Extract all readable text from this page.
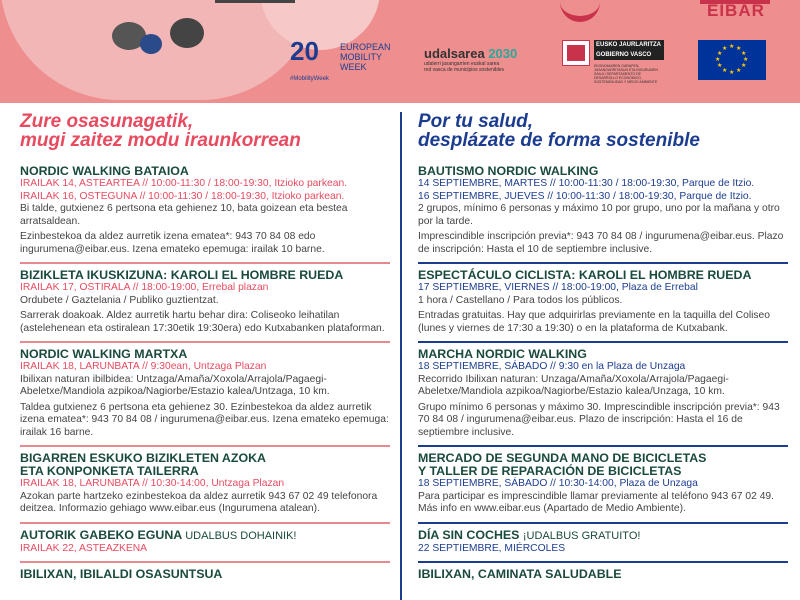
EIBAR
20 EUROPEAN
MOBILITY
WEEK
#MobilityWeek
udalsarea 2030
udalerri jasangarrien euskal sarea
red vasca de municipios sostenibles
EUSKO JAURLARITZA
GOBIERNO VASCO
EKONOMIAREN GARAPEN, JASANGARRITASUN ETA INGURUMEN SAILA / DEPARTAMENTO DE DESARROLLO ECONÓMICO, SOSTENIBILIDAD Y MEDIO AMBIENTE
★ ★
★
★
★
★
★
★
★
★
★
★
Zure osasunagatik,
mugi zaitez modu iraunkorrean
NORDIC WALKING BATAIOA
IRAILAK 14, ASTEARTEA // 10:00-11:30 / 18:00-19:30, Itzioko parkean.
IRAILAK 16, OSTEGUNA // 10:00-11:30 / 18:00-19:30, Itzioko parkean.

Bi talde, gutxienez 6 pertsona eta gehienez 10, bata goizean eta bestea arratsaldean.

Ezinbestekoa da aldez aurretik izena ematea*: 943 70 84 08 edo ingurumena@eibar.eus. Izena emateko epemuga: irailak 10 barne.

BIZIKLETA IKUSKIZUNA: KAROLI EL HOMBRE RUEDA
IRAILAK 17, OSTIRALA // 18:00-19:00, Errebal plazan

Ordubete / Gaztelania / Publiko guztientzat.

Sarrerak doakoak. Aldez aurretik hartu behar dira: Coliseoko leihatilan (astelehenean eta ostiralean 17:30etik 19:30era) edo Kutxabanken plataforman.

NORDIC WALKING MARTXA
IRAILAK 18, LARUNBATA // 9:30ean, Untzaga Plazan

Ibilixan naturan ibilbidea: Untzaga/Amaña/Xoxola/Arrajola/Pagaegi-Abeletxe/Mandiola azpikoa/Nagiorbe/Estazio kalea/Untzaga, 10 km.

Taldea gutxienez 6 pertsona eta gehienez 30. Ezinbestekoa da aldez aurretik izena ematea*: 943 70 84 08 / ingurumena@eibar.eus. Izena emateko epemuga: irailak 16 barne.

BIGARREN ESKUKO BIZIKLETEN AZOKA
ETA KONPONKETA TAILERRA
IRAILAK 18, LARUNBATA // 10:30-14:00, Untzaga Plazan

Azokan parte hartzeko ezinbestekoa da aldez aurretik 943 67 02 49 telefonora deitzea. Informazio gehiago www.eibar.eus (Ingurumena atalean).

AUTORIK GABEKO EGUNA UDALBUS DOHAINIK!
IRAILAK 22, ASTEAZKENA
IBILIXAN, IBILALDI OSASUNTSUA
Por tu salud,
desplázate de forma sostenible
BAUTISMO NORDIC WALKING
14 SEPTIEMBRE, MARTES // 10:00-11:30 / 18:00-19:30, Parque de Itzio.
16 SEPTIEMBRE, JUEVES // 10:00-11:30 / 18:00-19:30, Parque de Itzio.

2 grupos, mínimo 6 personas y máximo 10 por grupo, uno por la mañana y otro por la tarde.

Imprescindible inscripción previa*: 943 70 84 08 / ingurumena@eibar.eus. Plazo de inscripción: Hasta el 10 de septiembre inclusive.

ESPECTÁCULO CICLISTA: KAROLI EL HOMBRE RUEDA
17 SEPTIEMBRE, VIERNES // 18:00-19:00, Plaza de Errebal

1 hora / Castellano / Para todos los públicos.

Entradas gratuitas. Hay que adquirirlas previamente en la taquilla del Coliseo (lunes y viernes de 17:30 a 19:30) o en la plataforma de Kutxabank.

MARCHA NORDIC WALKING
18 SEPTIEMBRE, SÁBADO // 9:30 en la Plaza de Unzaga

Recorrido Ibilixan naturan: Unzaga/Amaña/Xoxola/Arrajola/Pagaegi-Abeletxe/Mandiola azpikoa/Nagiorbe/Estazio kalea/Unzaga, 10 km.

Grupo mínimo 6 personas y máximo 30. Imprescindible inscripción previa*: 943 70 84 08 / ingurumena@eibar.eus. Plazo de inscripción: Hasta el 16 de septiembre inclusive.

MERCADO DE SEGUNDA MANO DE BICICLETAS
Y TALLER DE REPARACIÓN DE BICICLETAS
18 SEPTIEMBRE, SÁBADO // 10:30-14:00, Plaza de Unzaga

Para participar es imprescindible llamar previamente al teléfono 943 67 02 49. Más info en www.eibar.eus (Apartado de Medio Ambiente).

DÍA SIN COCHES ¡UDALBUS GRATUITO!
22 SEPTIEMBRE, MIÉRCOLES
IBILIXAN, CAMINATA SALUDABLE
